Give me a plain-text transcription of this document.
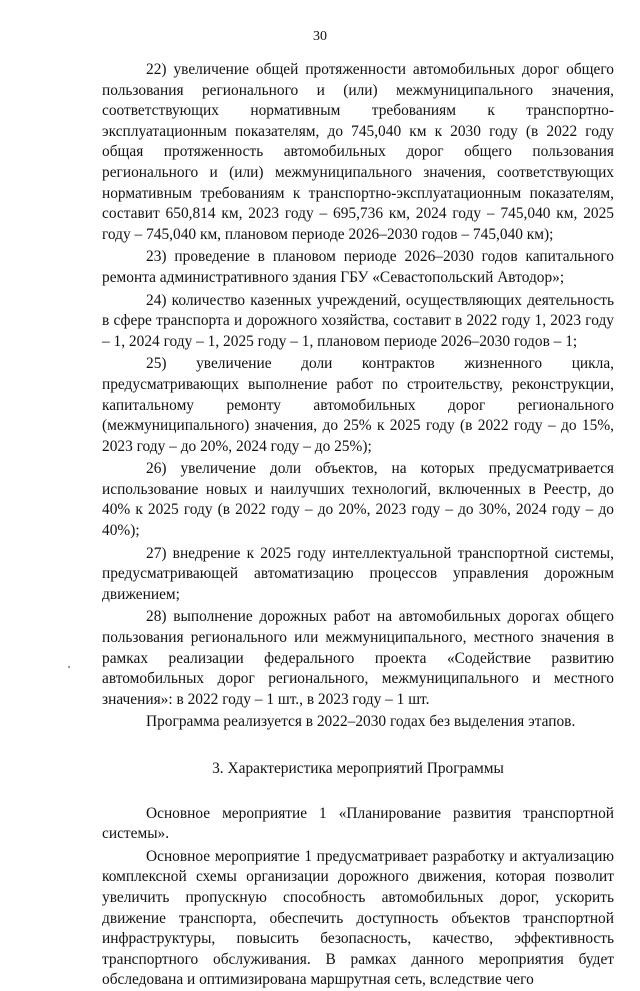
30

22) увеличение общей протяженности автомобильных дорог общего пользования регионального и (или) межмуниципального значения, соответствующих нормативным требованиям к транспортно-эксплуатационным показателям, до 745,040 км к 2030 году (в 2022 году общая протяженность автомобильных дорог общего пользования регионального и (или) межмуниципального значения, соответствующих нормативным требованиям к транспортно-эксплуатационным показателям, составит 650,814 км, 2023 году – 695,736 км, 2024 году – 745,040 км, 2025 году – 745,040 км, плановом периоде 2026–2030 годов – 745,040 км);

23) проведение в плановом периоде 2026–2030 годов капитального ремонта административного здания ГБУ «Севастопольский Автодор»;

24) количество казенных учреждений, осуществляющих деятельность в сфере транспорта и дорожного хозяйства, составит в 2022 году 1, 2023 году – 1, 2024 году – 1, 2025 году – 1, плановом периоде 2026–2030 годов – 1;

25) увеличение доли контрактов жизненного цикла, предусматривающих выполнение работ по строительству, реконструкции, капитальному ремонту автомобильных дорог регионального (межмуниципального) значения, до 25% к 2025 году (в 2022 году – до 15%, 2023 году – до 20%, 2024 году – до 25%);

26) увеличение доли объектов, на которых предусматривается использование новых и наилучших технологий, включенных в Реестр, до 40% к 2025 году (в 2022 году – до 20%, 2023 году – до 30%, 2024 году – до 40%);

27) внедрение к 2025 году интеллектуальной транспортной системы, предусматривающей автоматизацию процессов управления дорожным движением;

28) выполнение дорожных работ на автомобильных дорогах общего пользования регионального или межмуниципального, местного значения в рамках реализации федерального проекта «Содействие развитию автомобильных дорог регионального, межмуниципального и местного значения»: в 2022 году – 1 шт., в 2023 году – 1 шт.

Программа реализуется в 2022–2030 годах без выделения этапов.

3. Характеристика мероприятий Программы

Основное мероприятие 1 «Планирование развития транспортной системы».

Основное мероприятие 1 предусматривает разработку и актуализацию комплексной схемы организации дорожного движения, которая позволит увеличить пропускную способность автомобильных дорог, ускорить движение транспорта, обеспечить доступность объектов транспортной инфраструктуры, повысить безопасность, качество, эффективность транспортного обслуживания. В рамках данного мероприятия будет обследована и оптимизирована маршрутная сеть, вследствие чего
